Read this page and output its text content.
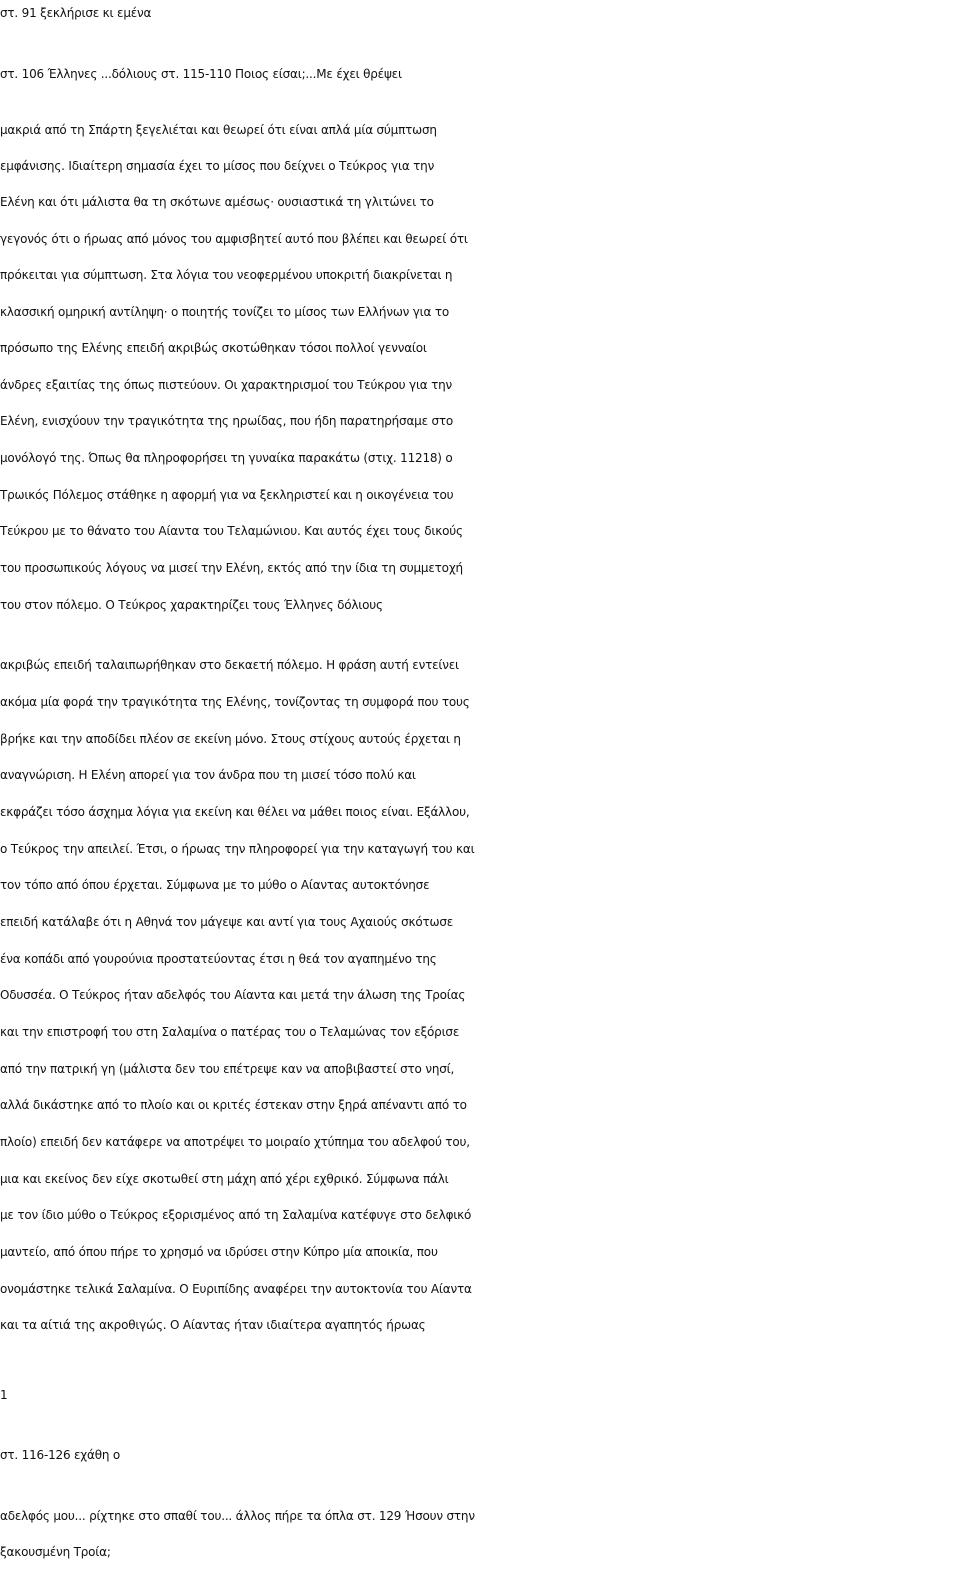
στ. 91 ξεκλήρισε κι εμένα
στ. 106 Έλληνες ...δόλιους στ. 115-110 Ποιος είσαι;...Με έχει θρέψει
μακριά από τη Σπάρτη ξεγελιέται και θεωρεί ότι είναι απλά μία σύμπτωση
εμφάνισης. Ιδιαίτερη σημασία έχει το μίσος που δείχνει ο Τεύκρος για την
Ελένη και ότι μάλιστα θα τη σκότωνε αμέσως· ουσιαστικά τη γλιτώνει το
γεγονός ότι ο ήρωας από μόνος του αμφισβητεί αυτό που βλέπει και θεωρεί ότι
πρόκειται για σύμπτωση. Στα λόγια του νεοφερμένου υποκριτή διακρίνεται η
κλασσική ομηρική αντίληψη· ο ποιητής τονίζει το μίσος των Ελλήνων για το
πρόσωπο της Ελένης επειδή ακριβώς σκοτώθηκαν τόσοι πολλοί γενναίοι
άνδρες εξαιτίας της όπως πιστεύουν. Οι χαρακτηρισμοί του Τεύκρου για την
Ελένη, ενισχύουν την τραγικότητα της ηρωίδας, που ήδη παρατηρήσαμε στο
μονόλογό της. Όπως θα πληροφορήσει τη γυναίκα παρακάτω (στιχ. 11218) ο
Τρωικός Πόλεμος στάθηκε η αφορμή για να ξεκληριστεί και η οικογένεια του
Τεύκρου με το θάνατο του Αίαντα του Τελαμώνιου. Και αυτός έχει τους δικούς
του προσωπικούς λόγους να μισεί την Ελένη, εκτός από την ίδια τη συμμετοχή
του στον πόλεμο. Ο Τεύκρος χαρακτηρίζει τους Έλληνες δόλιους
ακριβώς επειδή ταλαιπωρήθηκαν στο δεκαετή πόλεμο. Η φράση αυτή εντείνει
ακόμα μία φορά την τραγικότητα της Ελένης, τονίζοντας τη συμφορά που τους
βρήκε και την αποδίδει πλέον σε εκείνη μόνο. Στους στίχους αυτούς έρχεται η
αναγνώριση. Η Ελένη απορεί για τον άνδρα που τη μισεί τόσο πολύ και
εκφράζει τόσο άσχημα λόγια για εκείνη και θέλει να μάθει ποιος είναι. Εξάλλου,
ο Τεύκρος την απειλεί. Έτσι, ο ήρωας την πληροφορεί για την καταγωγή του και
τον τόπο από όπου έρχεται. Σύμφωνα με το μύθο ο Αίαντας αυτοκτόνησε
επειδή κατάλαβε ότι η Αθηνά τον μάγεψε και αντί για τους Αχαιούς σκότωσε
ένα κοπάδι από γουρούνια προστατεύοντας έτσι η θεά τον αγαπημένο της
Οδυσσέα. Ο Τεύκρος ήταν αδελφός του Αίαντα και μετά την άλωση της Τροίας
και την επιστροφή του στη Σαλαμίνα ο πατέρας του ο Τελαμώνας τον εξόρισε
από την πατρική γη (μάλιστα δεν του επέτρεψε καν να αποβιβαστεί στο νησί,
αλλά δικάστηκε από το πλοίο και οι κριτές έστεκαν στην ξηρά απέναντι από το
πλοίο) επειδή δεν κατάφερε να αποτρέψει το μοιραίο χτύπημα του αδελφού του,
μια και εκείνος δεν είχε σκοτωθεί στη μάχη από χέρι εχθρικό. Σύμφωνα πάλι
με τον ίδιο μύθο ο Τεύκρος εξορισμένος από τη Σαλαμίνα κατέφυγε στο δελφικό
μαντείο, από όπου πήρε το χρησμό να ιδρύσει στην Κύπρο μία αποικία, που
ονομάστηκε τελικά Σαλαμίνα. Ο Ευριπίδης αναφέρει την αυτοκτονία του Αίαντα
και τα αίτιά της ακροθιγώς. Ο Αίαντας ήταν ιδιαίτερα αγαπητός ήρωας
1
στ. 116-126 εχάθη ο
αδελφός μου... ρίχτηκε στο σπαθί του... άλλος πήρε τα όπλα στ. 129 Ήσουν στην
ξακουσμένη Τροία;
